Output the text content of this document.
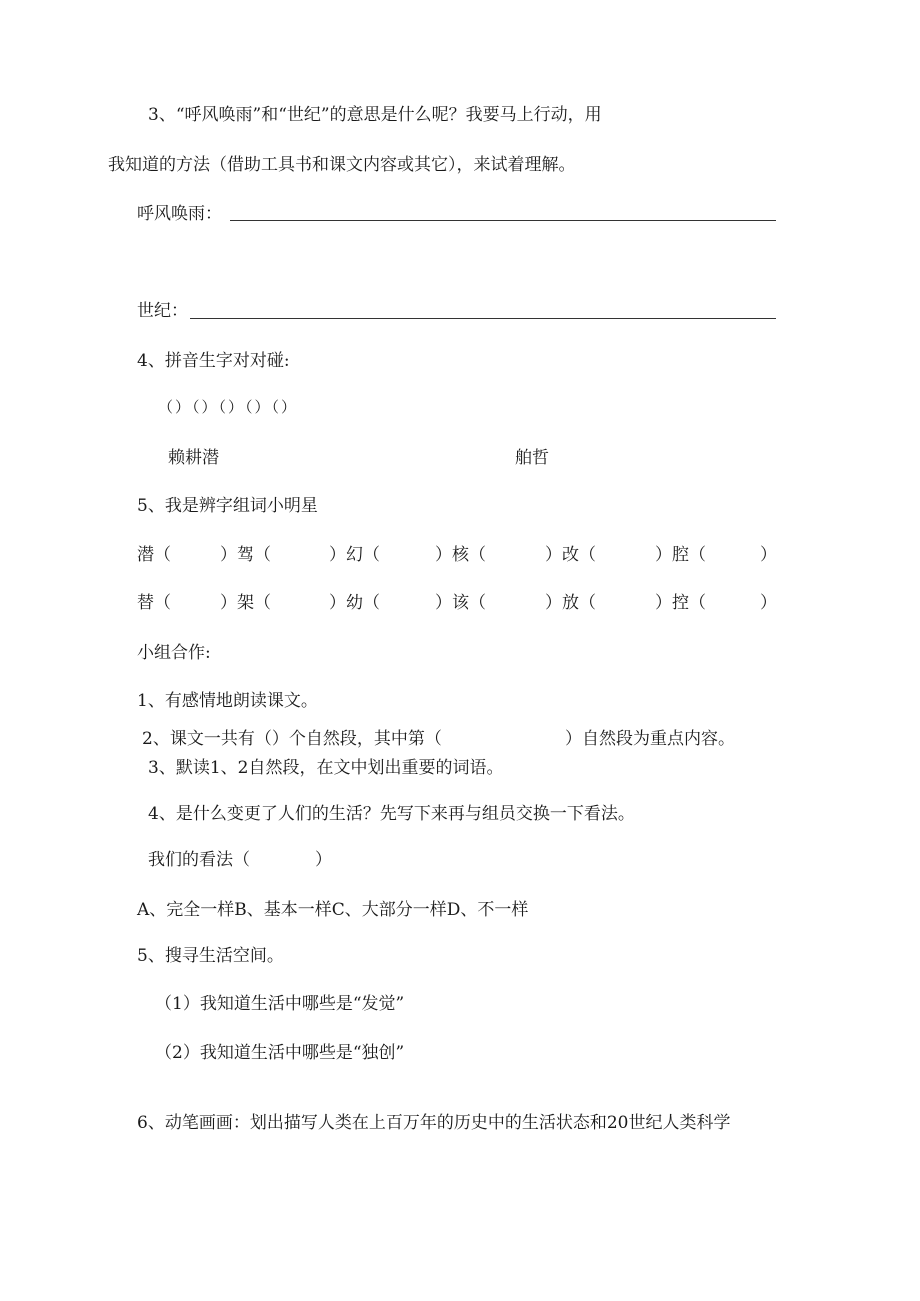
3、“呼风唤雨”和“世纪”的意思是什么呢？我要马上行动，用
我知道的方法（借助工具书和课文内容或其它），来试着理解。
呼风唤雨：
世纪：
4、拼音生字对对碰:
（）（）（）（）（）
赖耕潜	舶哲
5、我是辨字组词小明星
潜（	）驾（	）幻（	）核（	）改（	）腔（	）
替（	）架（	）幼（	）该（	）放（	）控（	）
小组合作:
1、有感情地朗读课文。
2、课文一共有（）个自然段，其中第（	）自然段为重点内容。
3、默读1、2自然段，在文中划出重要的词语。
4、是什么变更了人们的生活？先写下来再与组员交换一下看法。
我们的看法（	）
A、完全一样B、基本一样C、大部分一样D、不一样
5、搜寻生活空间。
（1）我知道生活中哪些是“发觉”
（2）我知道生活中哪些是“独创”
6、动笔画画：划出描写人类在上百万年的历史中的生活状态和20世纪人类科学
